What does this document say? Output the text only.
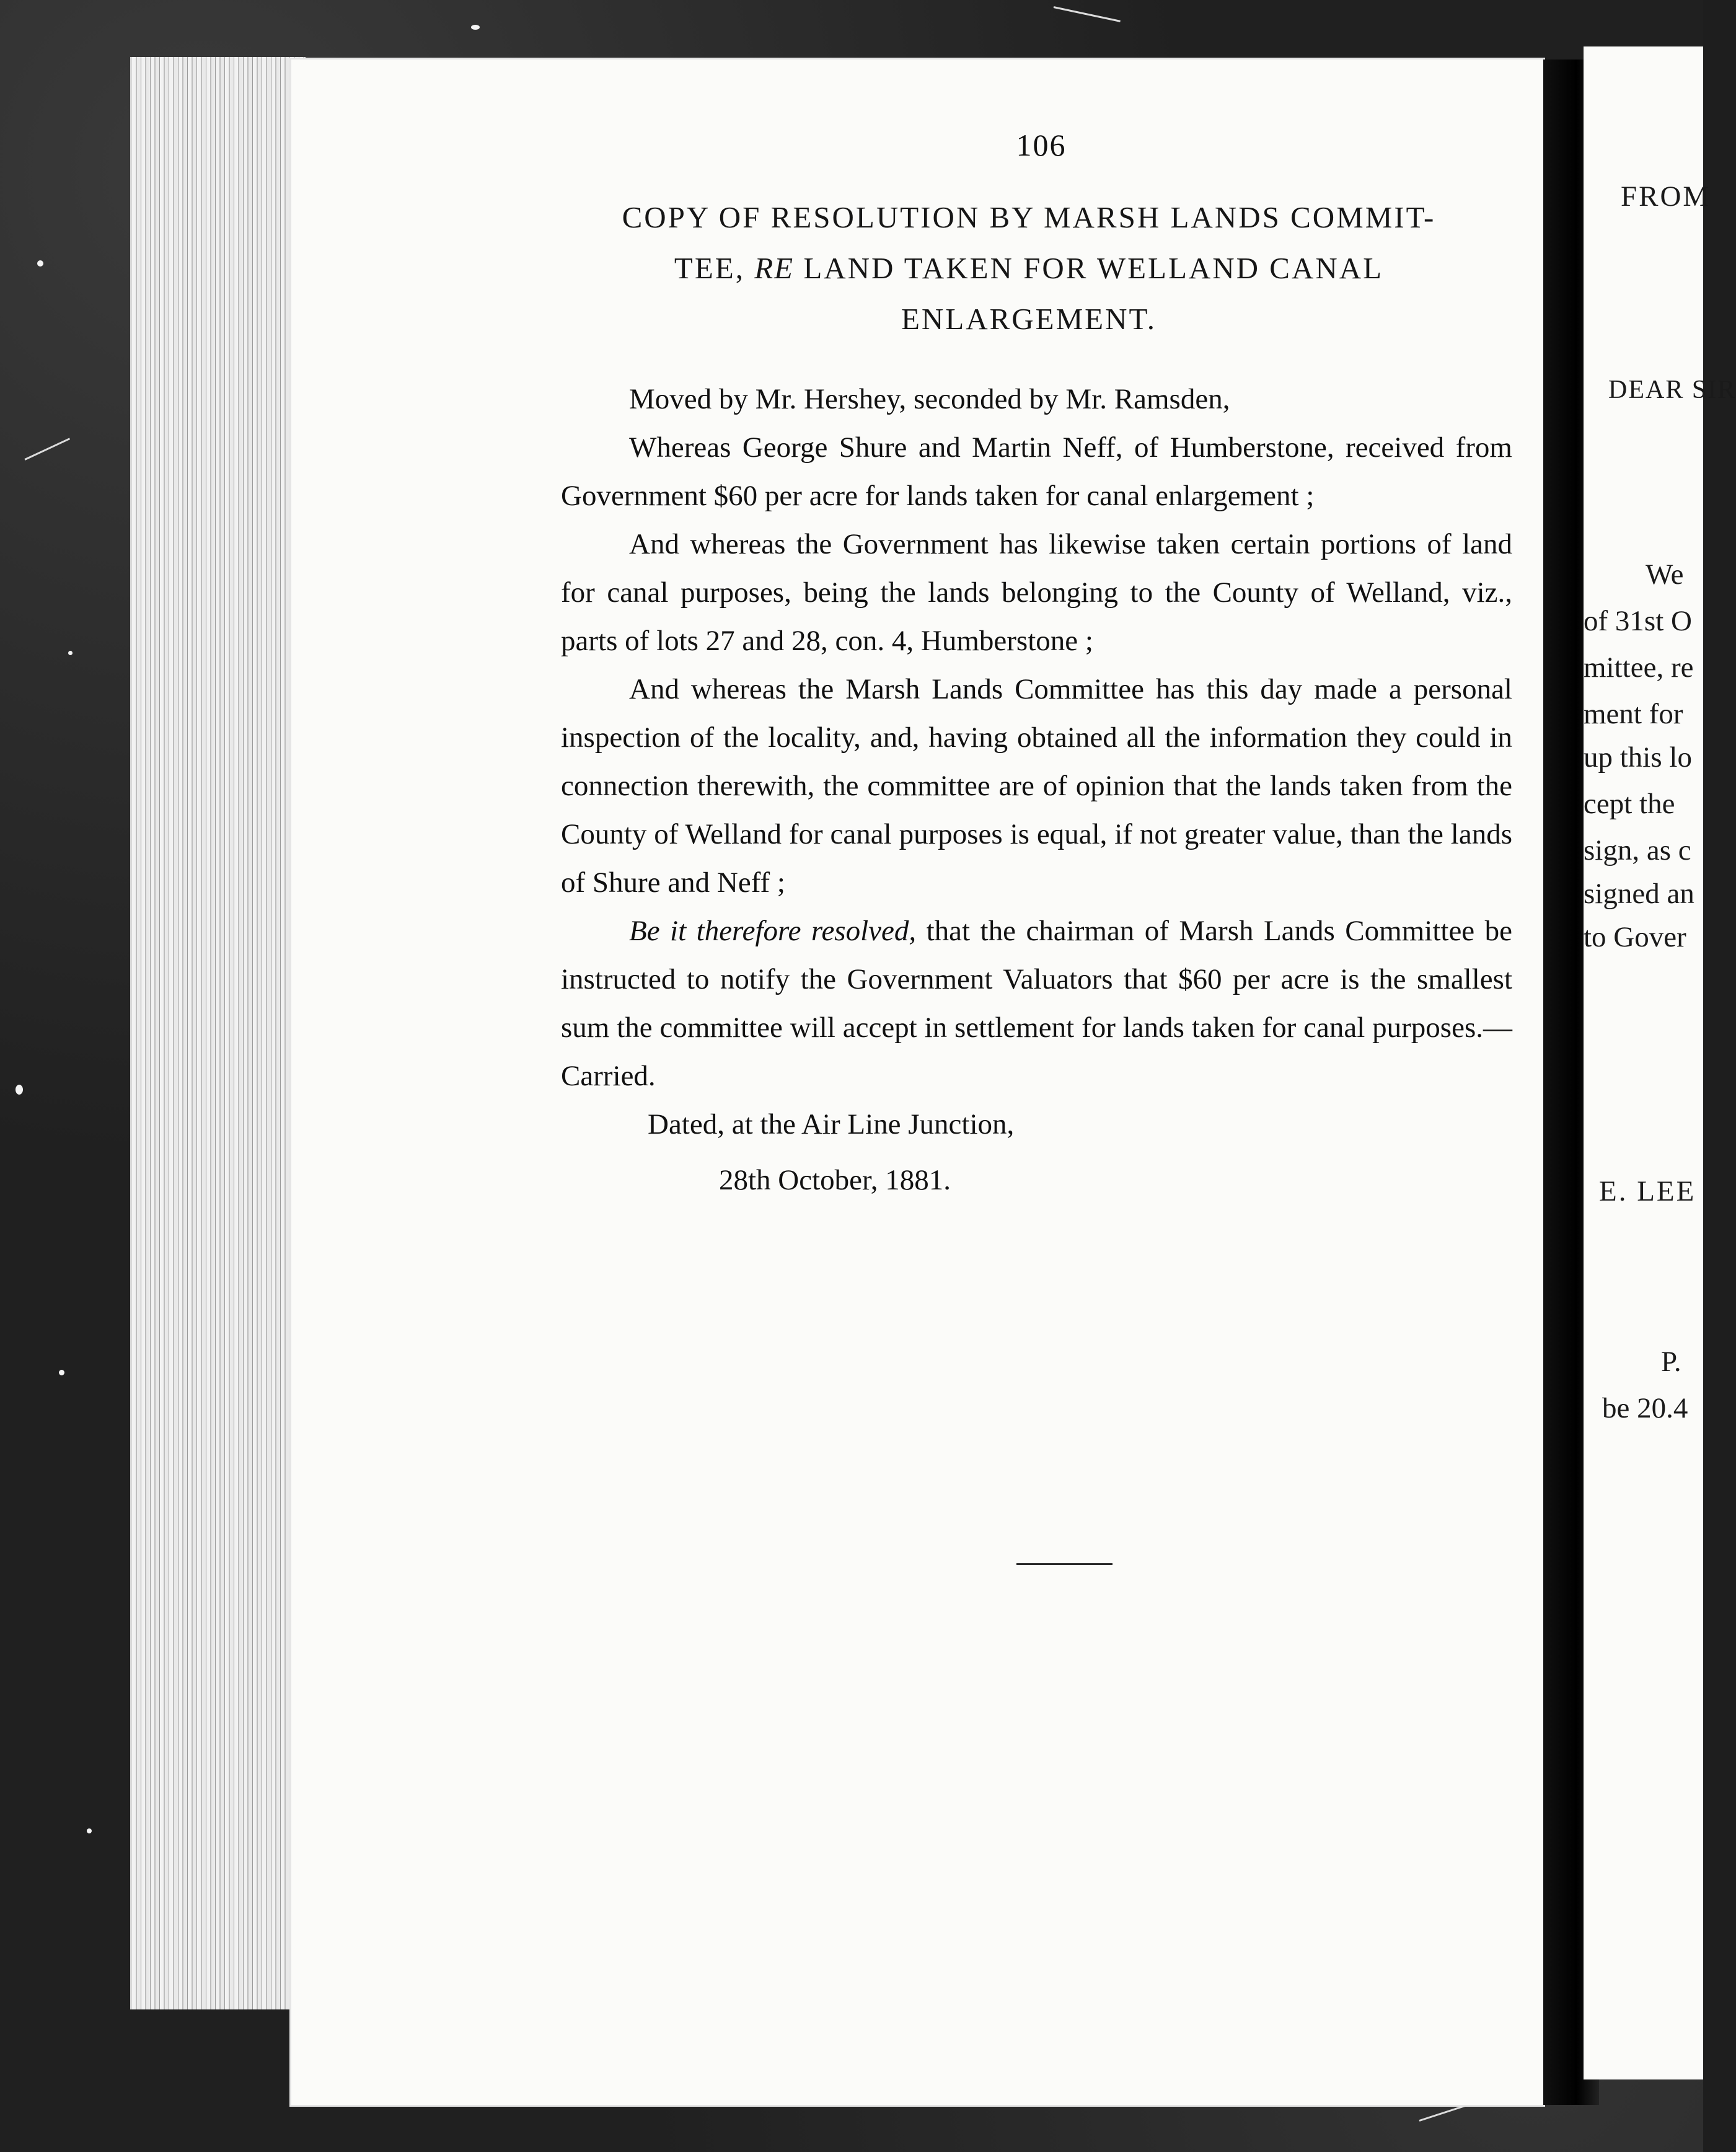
106
COPY OF RESOLUTION BY MARSH LANDS COMMIT-
TEE, RE LAND TAKEN FOR WELLAND CANAL
ENLARGEMENT.

Moved by Mr. Hershey, seconded by Mr. Ramsden,

Whereas George Shure and Martin Neff, of Humberstone, received from Government $60 per acre for lands taken for canal enlargement ;

And whereas the Government has likewise taken certain portions of land for canal purposes, being the lands belonging to the County of Welland, viz., parts of lots 27 and 28, con. 4, Humberstone ;

And whereas the Marsh Lands Committee has this day made a personal inspection of the locality, and, having obtained all the information they could in connection therewith, the committee are of opinion that the lands taken from the County of Welland for canal purposes is equal, if not greater value, than the lands of Shure and Neff ;

Be it therefore resolved, that the chairman of Marsh Lands Committee be instructed to notify the Government Valuators that $60 per acre is the smallest sum the committee will accept in settlement for lands taken for canal purposes.—Carried.

Dated, at the Air Line Junction,

28th October, 1881.

FROM
DEAR SIR
We
of 31st O
mittee, re
ment for
up this lo
cept the
sign, as c
signed an
to Gover
E. LEE
P.
be 20.4
